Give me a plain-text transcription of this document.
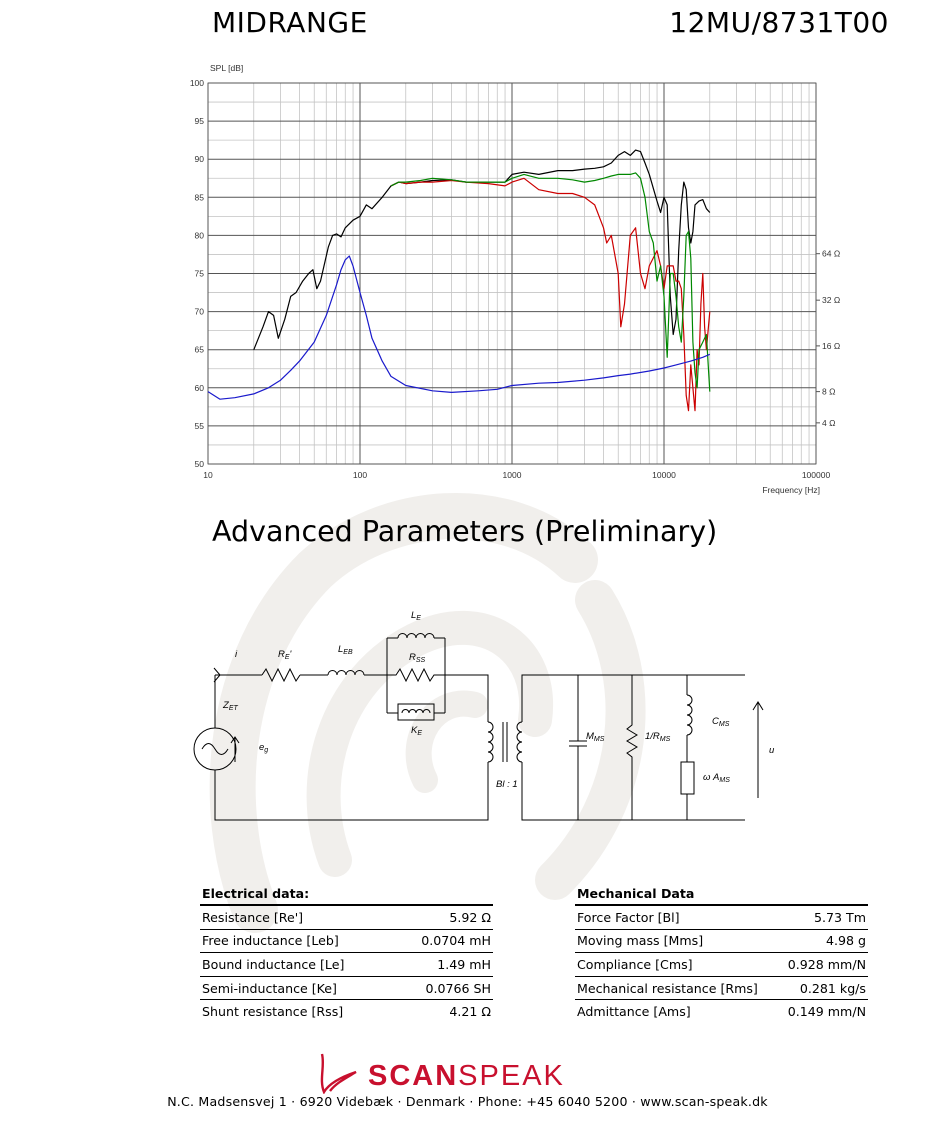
MIDRANGE	12MU/8731T00
50
55
60
65
70
75
80
85
90
95
100
10	100	1000	10000	100000
4 Ω
8 Ω
16 Ω
32 Ω
64 Ω
SPL [dB]
Frequency [Hz]
Advanced Parameters (Preliminary)
i	$R_E'$	$L_{EB}$
$L_E$
$R_{SS}$
$K_E$
$Z_{ET}$
$e_g$
Bl : 1
$M_{MS}$	$1/R_{MS}$
$C_{MS}$
ω $A_{MS}$
u
Electrical data:	
Resistance [Re']	5.92 Ω
Free inductance [Leb]	0.0704 mH
Bound inductance [Le]	1.49 mH
Semi-inductance [Ke]	0.0766 SH
Shunt resistance [Rss]	4.21 Ω
Mechanical Data	
Force Factor [Bl]	5.73 Tm
Moving mass [Mms]	4.98 g
Compliance [Cms]	0.928 mm/N
Mechanical resistance [Rms]	0.281 kg/s
Admittance [Ams]	0.149 mm/N
SCANSPEAK
N.C. Madsensvej 1 · 6920 Videbæk · Denmark · Phone: +45 6040 5200 · www.scan-speak.dk
